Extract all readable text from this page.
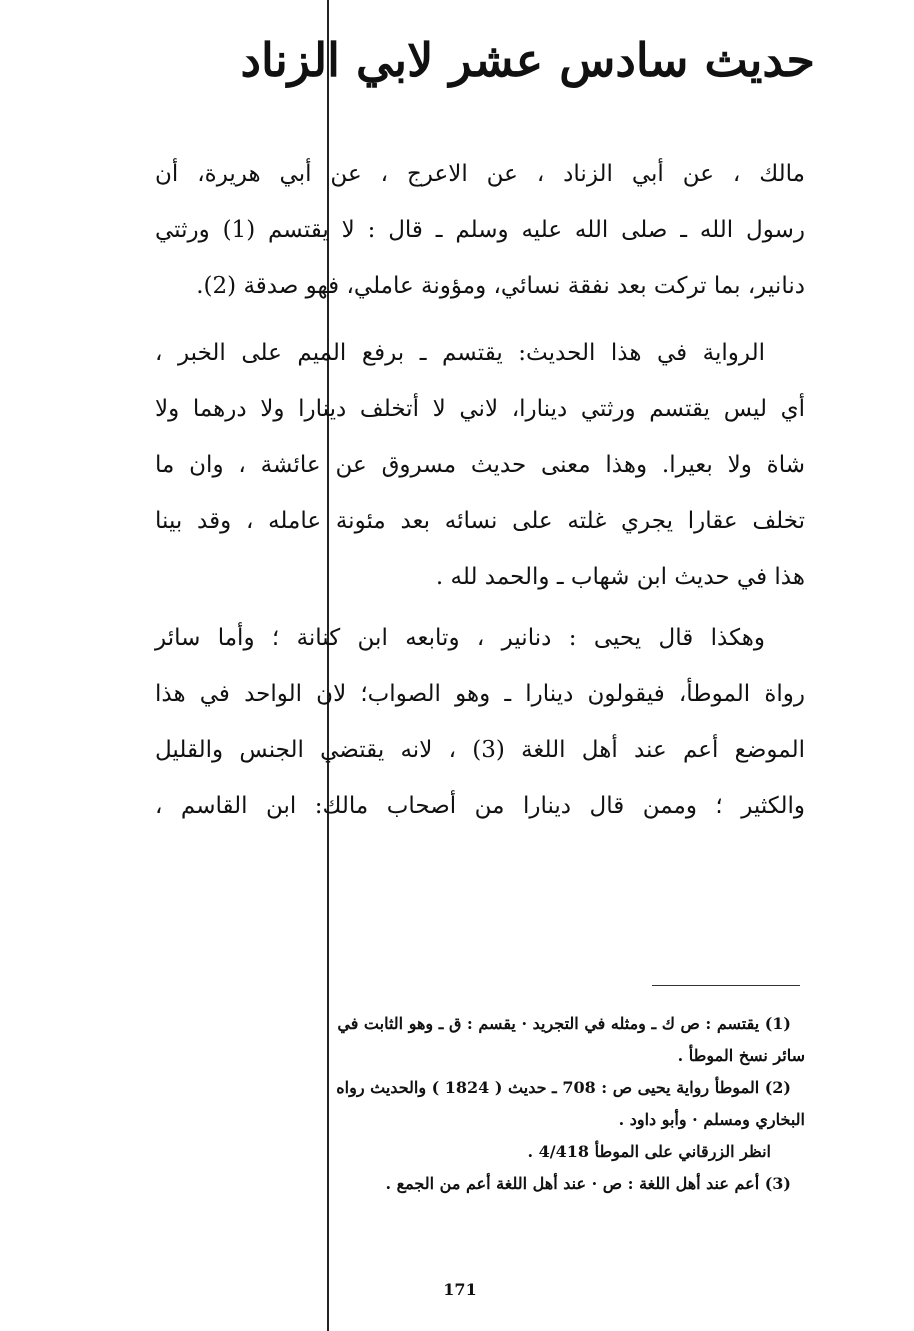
حديث سادس عشر لابي الزناد
مالك ، عن أبي الزناد ، عن الاعرج ، عن أبي هريرة، أن
رسول الله ـ صلى الله عليه وسلم ـ قال : لا يقتسم (1) ورثتي
دنانير، بما تركت بعد نفقة نسائي، ومؤونة عاملي، فهو صدقة (2).
الرواية في هذا الحديث: يقتسم ـ برفع الميم على الخبر ،
أي ليس يقتسم ورثتي دينارا، لاني لا أتخلف دينارا ولا درهما ولا
شاة ولا بعيرا. وهذا معنى حديث مسروق عن عائشة ، وان ما
تخلف عقارا يجري غلته على نسائه بعد مئونة عامله ، وقد بينا
هذا في حديث ابن شهاب ـ والحمد لله .
وهكذا قال يحيى : دنانير ، وتابعه ابن كنانة ؛ وأما سائر
رواة الموطأ، فيقولون دينارا ـ وهو الصواب؛ لان الواحد في هذا
الموضع أعم عند أهل اللغة (3) ، لانه يقتضي الجنس والقليل
والكثير ؛ وممن قال دينارا من أصحاب مالك: ابن القاسم ،
(1) يقتسم : ص ك ـ ومثله في التجريد · يقسم : ق ـ وهو الثابت في
سائر نسخ الموطأ .
(2) الموطأ رواية يحيى ص : 708 ـ حديث ( 1824 ) والحديث رواه
البخاري ومسلم · وأبو داود .
انظر الزرقاني على الموطأ 4/418 .
(3) أعم عند أهل اللغة : ص · عند أهل اللغة أعم من الجمع .
171
